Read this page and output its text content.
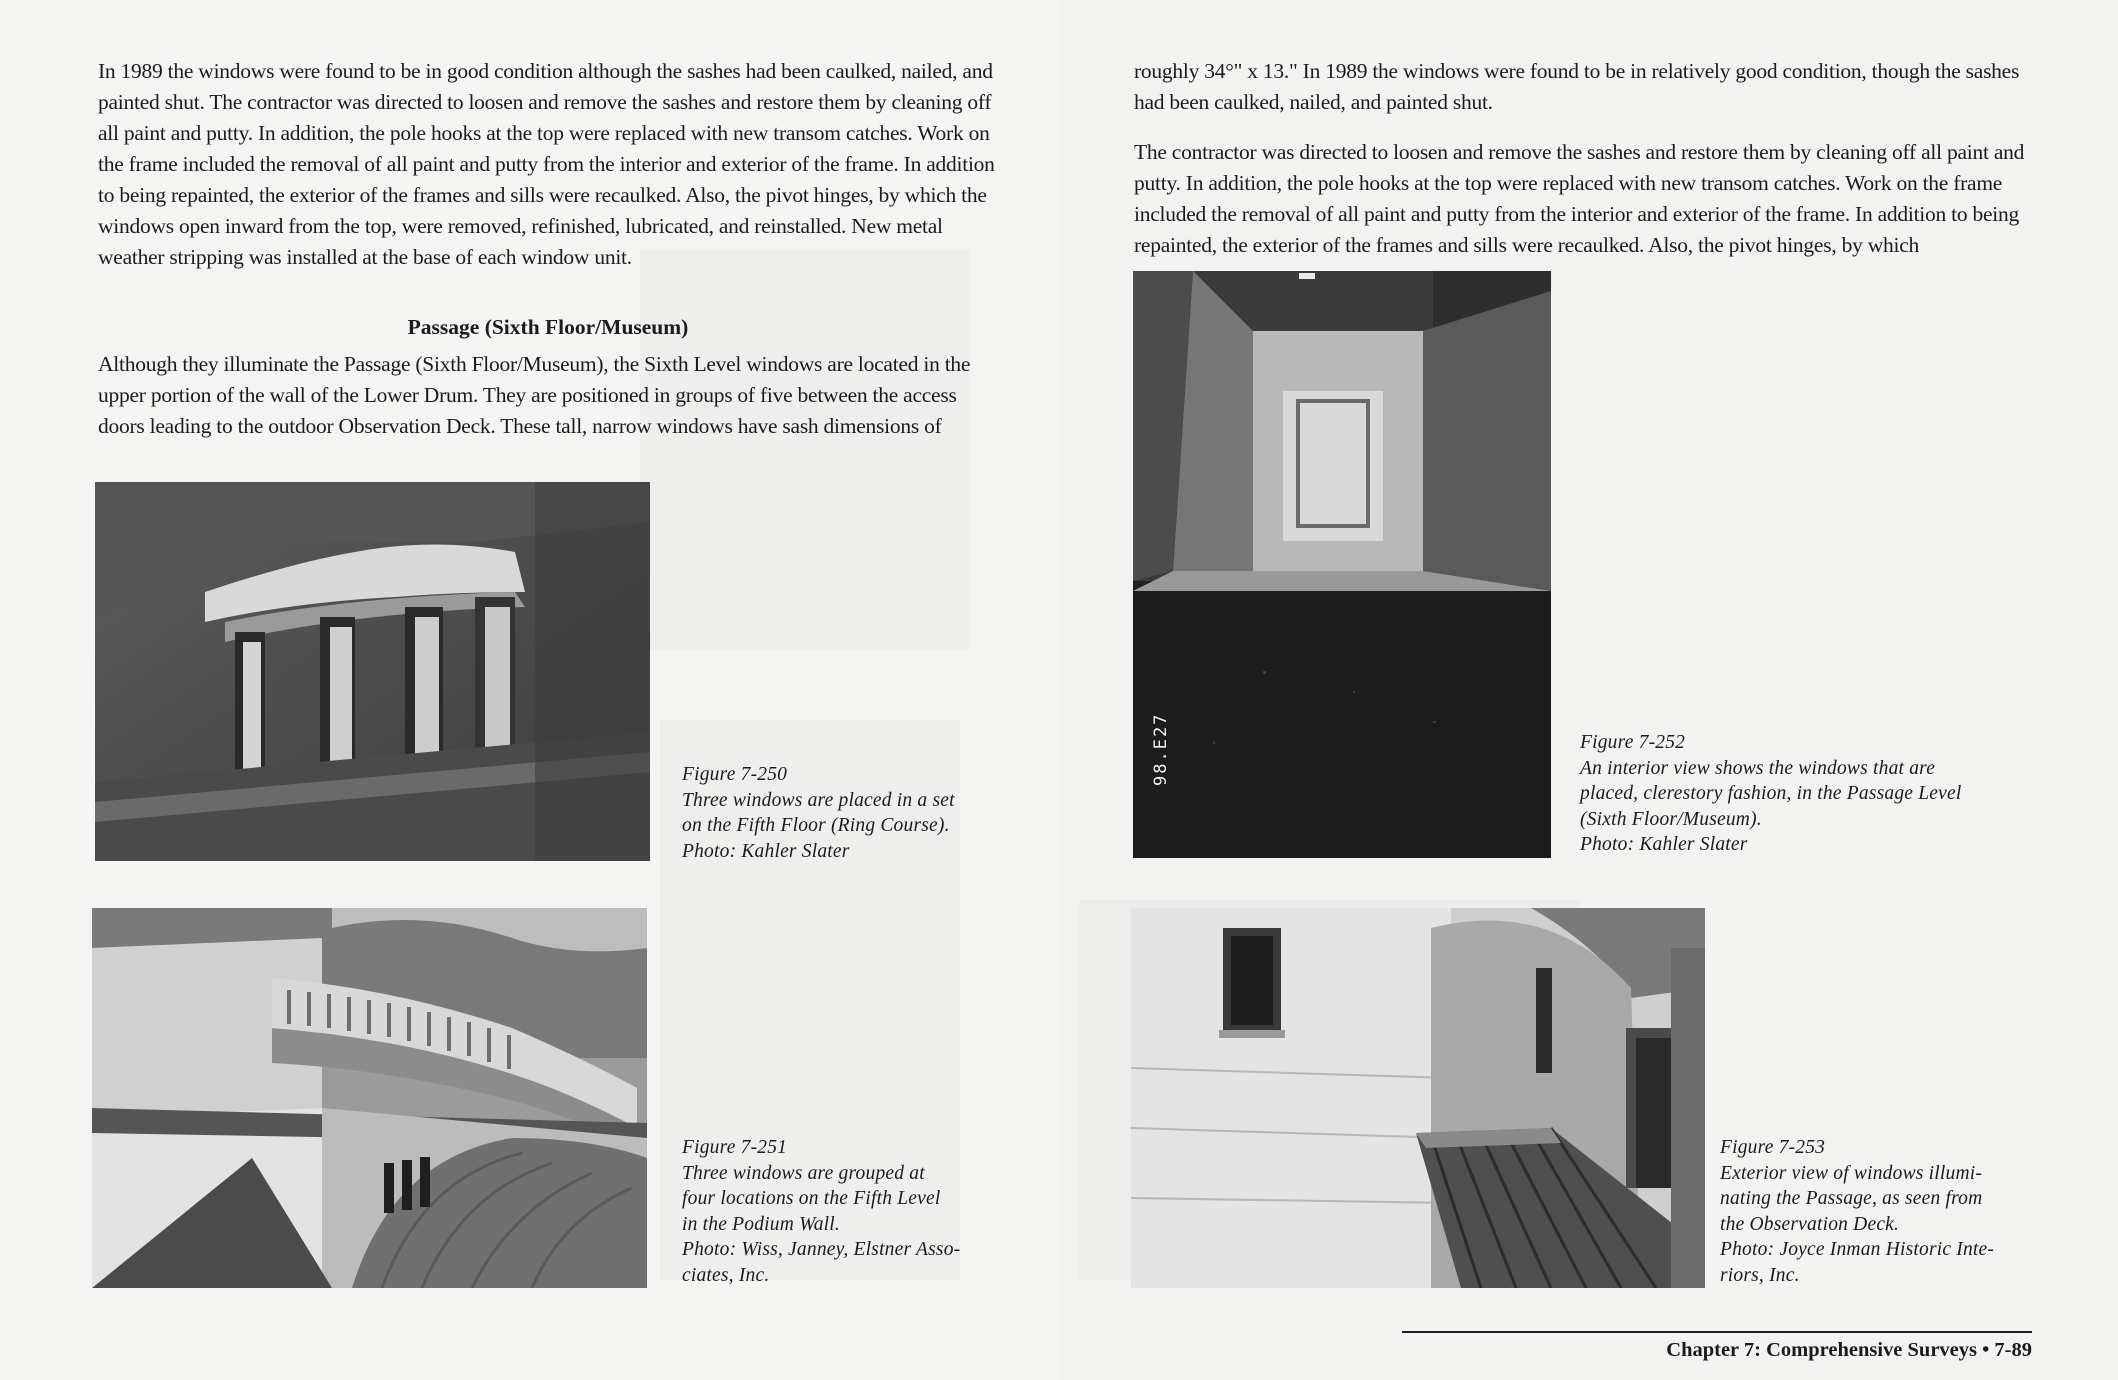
In 1989 the windows were found to be in good condition although the sashes had been caulked, nailed, and painted shut. The contractor was directed to loosen and remove the sashes and restore them by cleaning off all paint and putty. In addition, the pole hooks at the top were replaced with new transom catches. Work on the frame included the removal of all paint and putty from the interior and exterior of the frame. In addition to being repainted, the exterior of the frames and sills were recaulked. Also, the pivot hinges, by which the windows open inward from the top, were removed, refinished, lubricated, and reinstalled. New metal weather stripping was installed at the base of each window unit.

Passage (Sixth Floor/Museum)

Although they illuminate the Passage (Sixth Floor/Museum), the Sixth Level windows are located in the upper portion of the wall of the Lower Drum. They are positioned in groups of five between the access doors leading to the outdoor Observation Deck. These tall, narrow windows have sash dimensions of

Figure 7-250

Three windows are placed in a set

on the Fifth Floor (Ring Course).

Photo: Kahler Slater

Figure 7-251

Three windows are grouped at

four locations on the Fifth Level

in the Podium Wall.

Photo: Wiss, Janney, Elstner Asso-

ciates, Inc.

roughly 34°" x 13." In 1989 the windows were found to be in relatively good condition, though the sashes had been caulked, nailed, and painted shut.

The contractor was directed to loosen and remove the sashes and restore them by cleaning off all paint and putty. In addition, the pole hooks at the top were replaced with new transom catches. Work on the frame included the removal of all paint and putty from the interior and exterior of the frame. In addition to being repainted, the exterior of the frames and sills were recaulked. Also, the pivot hinges, by which

98.E27	Figure 7-252

An interior view shows the windows that are

placed, clerestory fashion, in the Passage Level

(Sixth Floor/Museum).

Photo: Kahler Slater

Figure 7-253

Exterior view of windows illumi-

nating the Passage, as seen from

the Observation Deck.

Photo: Joyce Inman Historic Inte-

riors, Inc.

Chapter 7: Comprehensive Surveys • 7-89
